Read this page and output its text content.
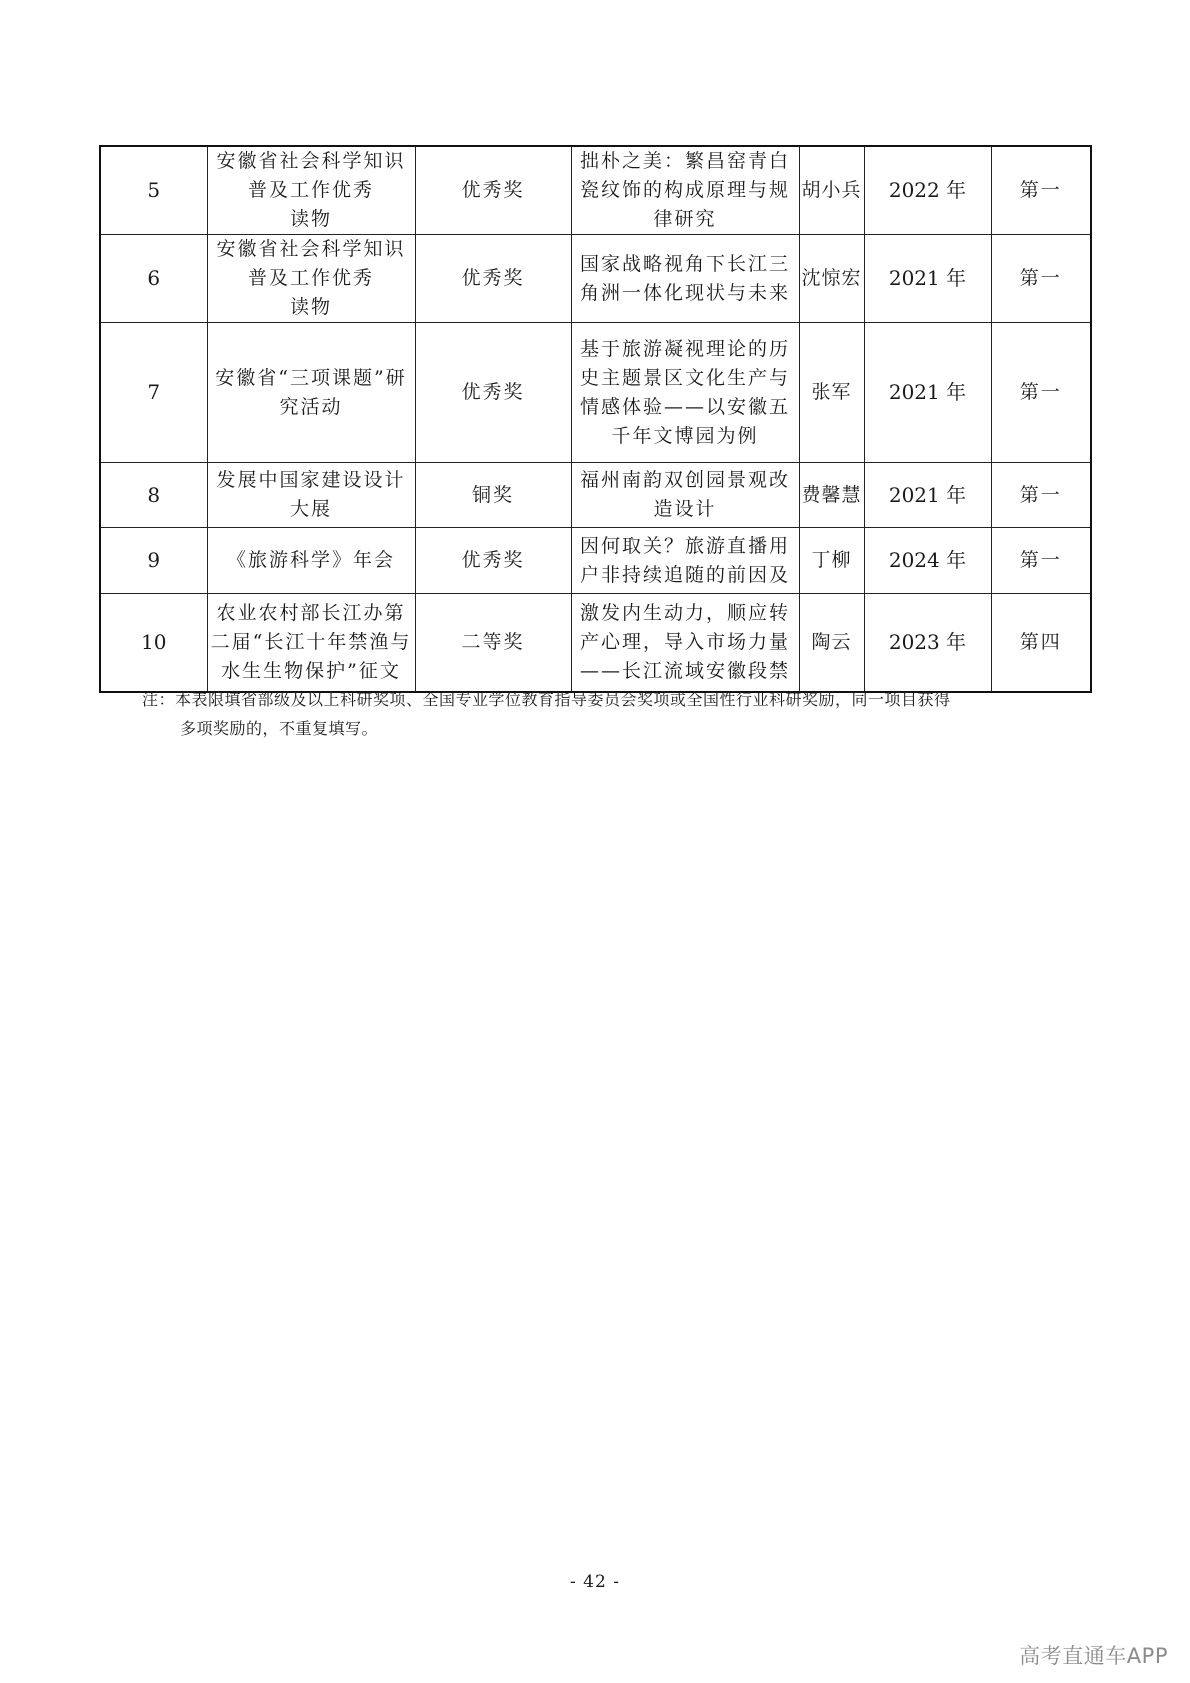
5	安徽省社会科学知识
普及工作优秀
读物	优秀奖	拙朴之美：繁昌窑青白
瓷纹饰的构成原理与规
律研究	胡小兵	2022 年	第一
6	安徽省社会科学知识
普及工作优秀
读物	优秀奖	国家战略视角下长江三
角洲一体化现状与未来	沈惊宏	2021 年	第一
7	安徽省“三项课题”研
究活动	优秀奖	基于旅游凝视理论的历
史主题景区文化生产与
情感体验——以安徽五
千年文博园为例	张军	2021 年	第一
8	发展中国家建设设计
大展	铜奖	福州南韵双创园景观改
造设计	费馨慧	2021 年	第一
9	《旅游科学》年会	优秀奖	因何取关？旅游直播用
户非持续追随的前因及	丁柳	2024 年	第一
10	农业农村部长江办第
二届“长江十年禁渔与
水生生物保护”征文	二等奖	激发内生动力，顺应转
产心理，导入市场力量
——长江流域安徽段禁	陶云	2023 年	第四
注：本表限填省部级及以上科研奖项、全国专业学位教育指导委员会奖项或全国性行业科研奖励，同一项目获得
多项奖励的，不重复填写。
- 42 -
高考直通车APP
